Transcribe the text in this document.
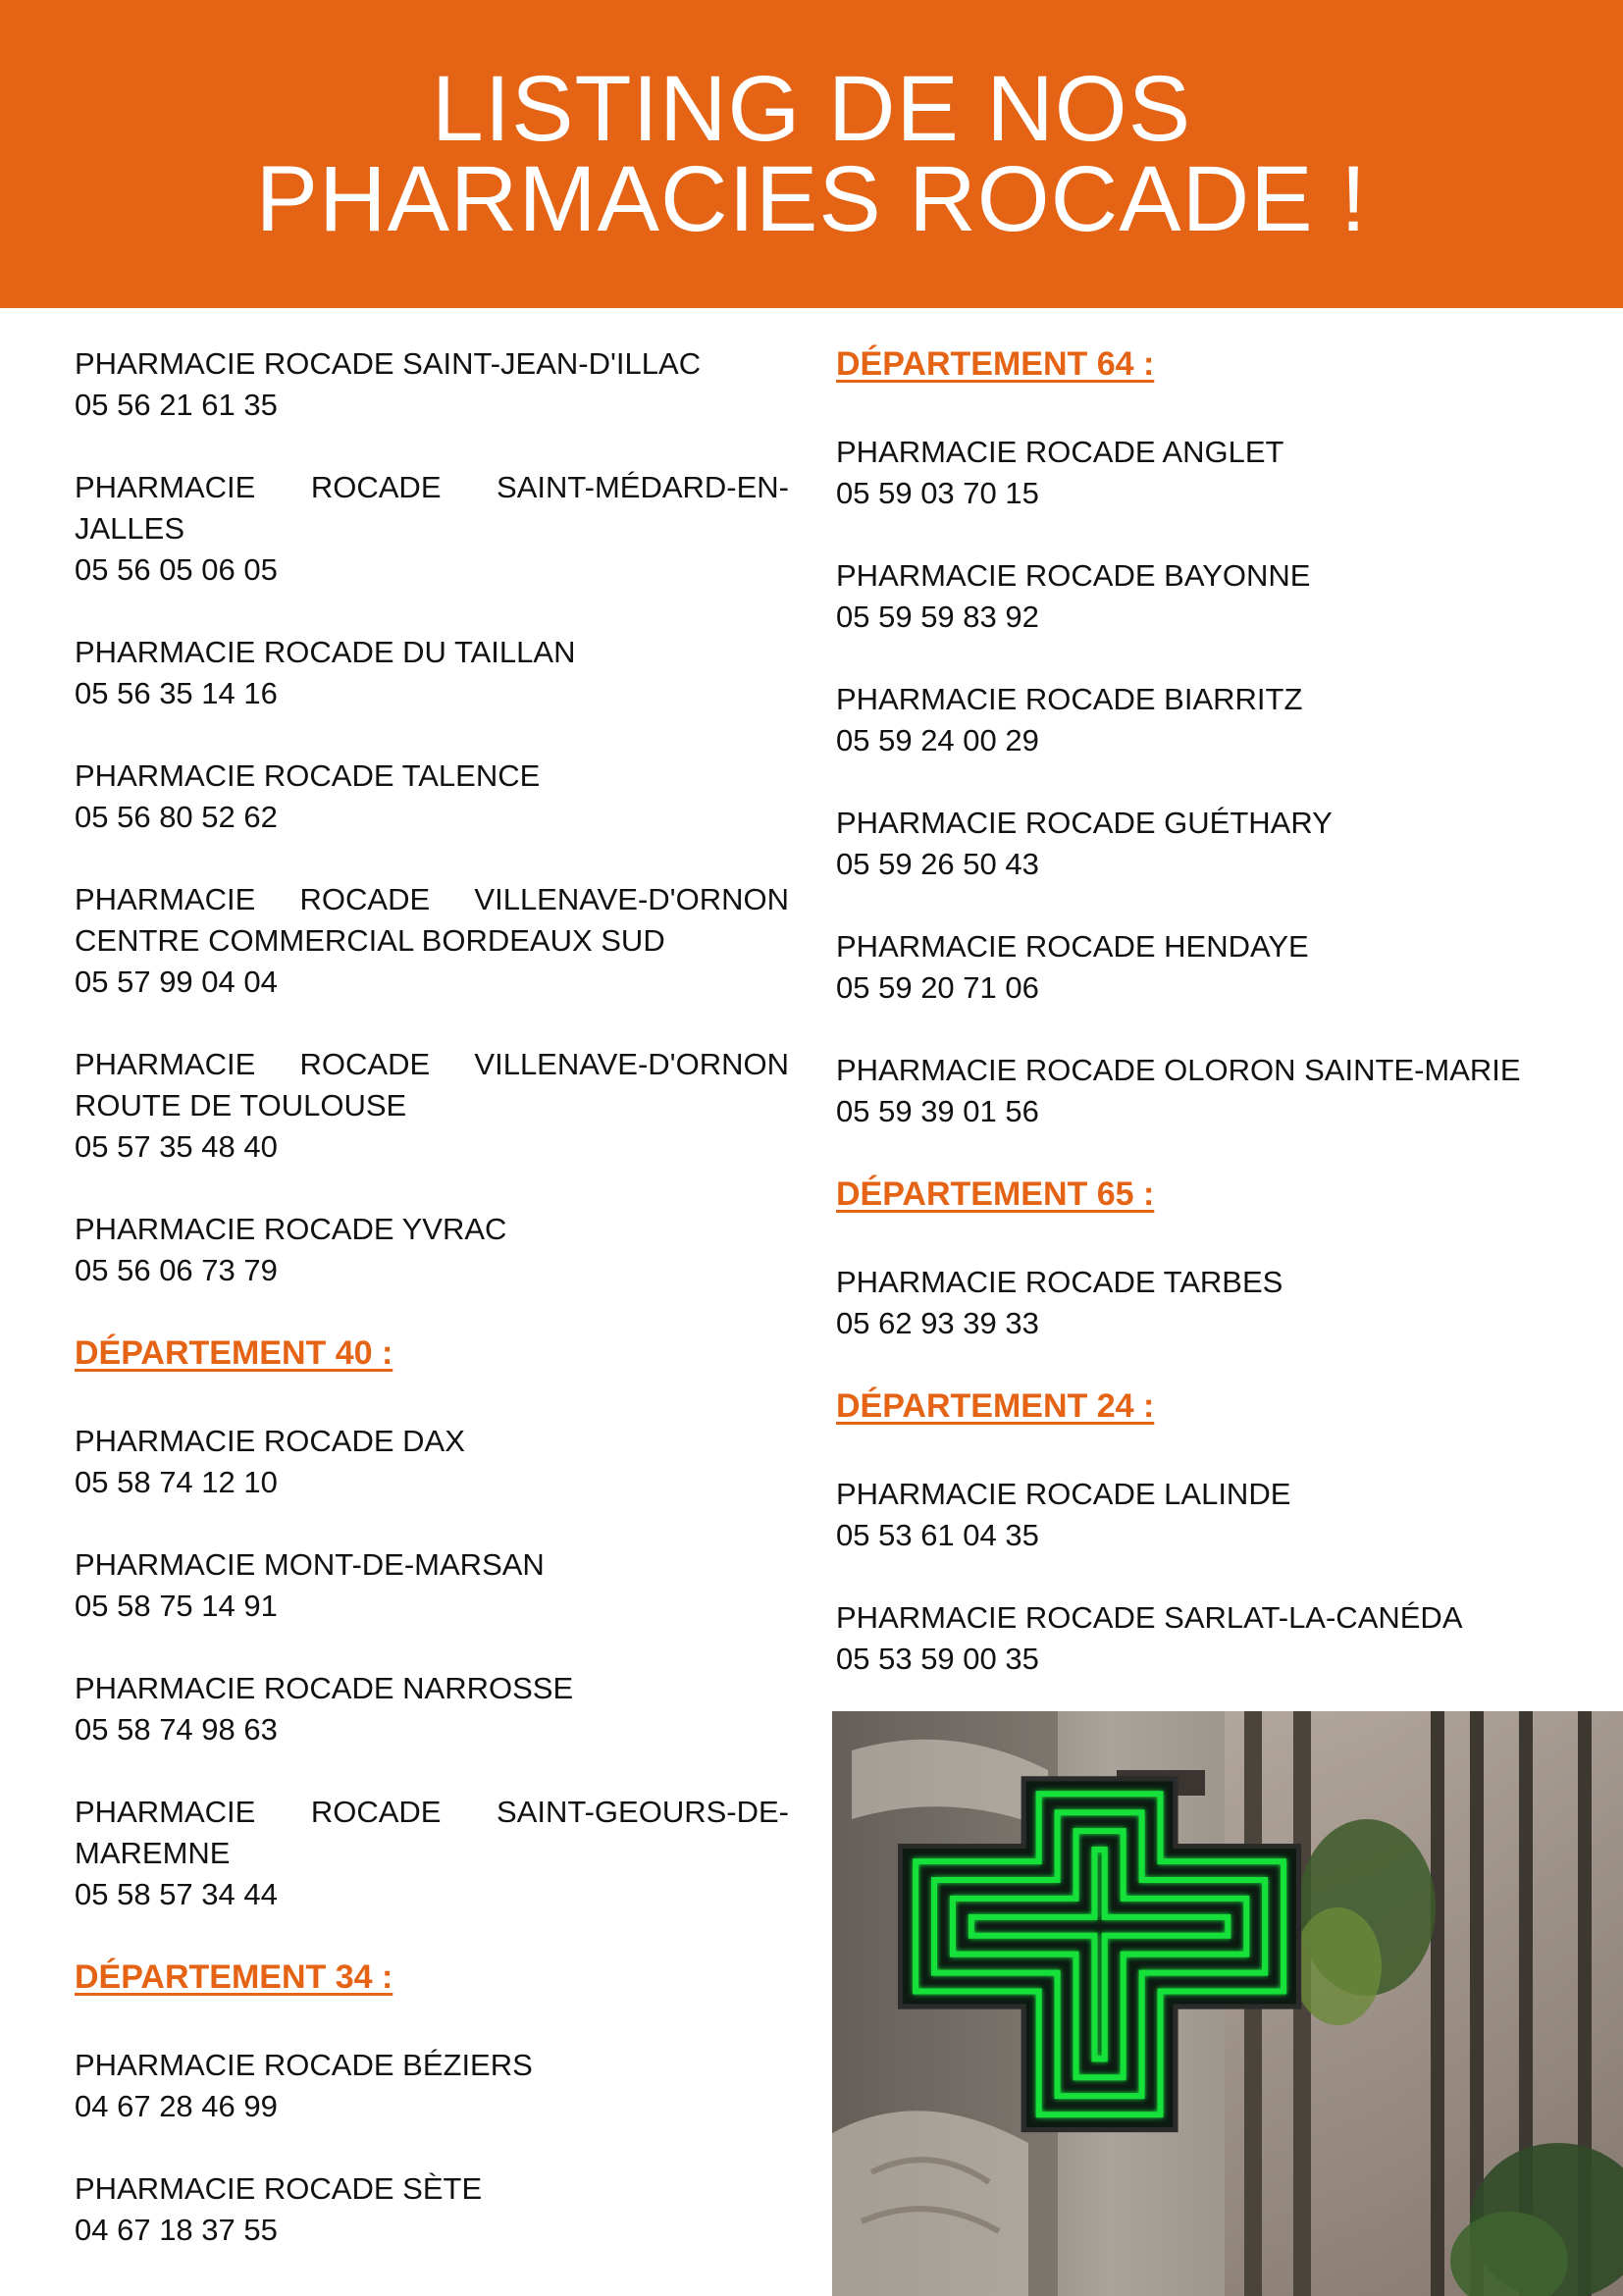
LISTING DE NOS
PHARMACIES ROCADE !

PHARMACIE ROCADE SAINT-JEAN-D'ILLAC

05 56 21 61 35

PHARMACIE ROCADE SAINT-MÉDARD-EN-JALLES

05 56 05 06 05

PHARMACIE ROCADE DU TAILLAN

05 56 35 14 16

PHARMACIE ROCADE TALENCE

05 56 80 52 62

PHARMACIE ROCADE VILLENAVE-D'ORNON CENTRE COMMERCIAL BORDEAUX SUD

05 57 99 04 04

PHARMACIE ROCADE VILLENAVE-D'ORNON ROUTE DE TOULOUSE

05 57 35 48 40

PHARMACIE ROCADE YVRAC

05 56 06 73 79

DÉPARTEMENT 40 :

PHARMACIE ROCADE DAX

05 58 74 12 10

PHARMACIE MONT-DE-MARSAN

05 58 75 14 91

PHARMACIE ROCADE NARROSSE

05 58 74 98 63

PHARMACIE ROCADE SAINT-GEOURS-DE-MAREMNE

05 58 57 34 44

DÉPARTEMENT 34 :

PHARMACIE ROCADE BÉZIERS

04 67 28 46 99

PHARMACIE ROCADE SÈTE

04 67 18 37 55

DÉPARTEMENT 64 :

PHARMACIE ROCADE ANGLET

05 59 03 70 15

PHARMACIE ROCADE BAYONNE

05 59 59 83 92

PHARMACIE ROCADE BIARRITZ

05 59 24 00 29

PHARMACIE ROCADE GUÉTHARY

05 59 26 50 43

PHARMACIE ROCADE HENDAYE

05 59 20 71 06

PHARMACIE ROCADE OLORON SAINTE-MARIE

05 59 39 01 56

DÉPARTEMENT 65 :

PHARMACIE ROCADE TARBES

05 62 93 39 33

DÉPARTEMENT 24 :

PHARMACIE ROCADE LALINDE

05 53 61 04 35

PHARMACIE ROCADE SARLAT-LA-CANÉDA

05 53 59 00 35
